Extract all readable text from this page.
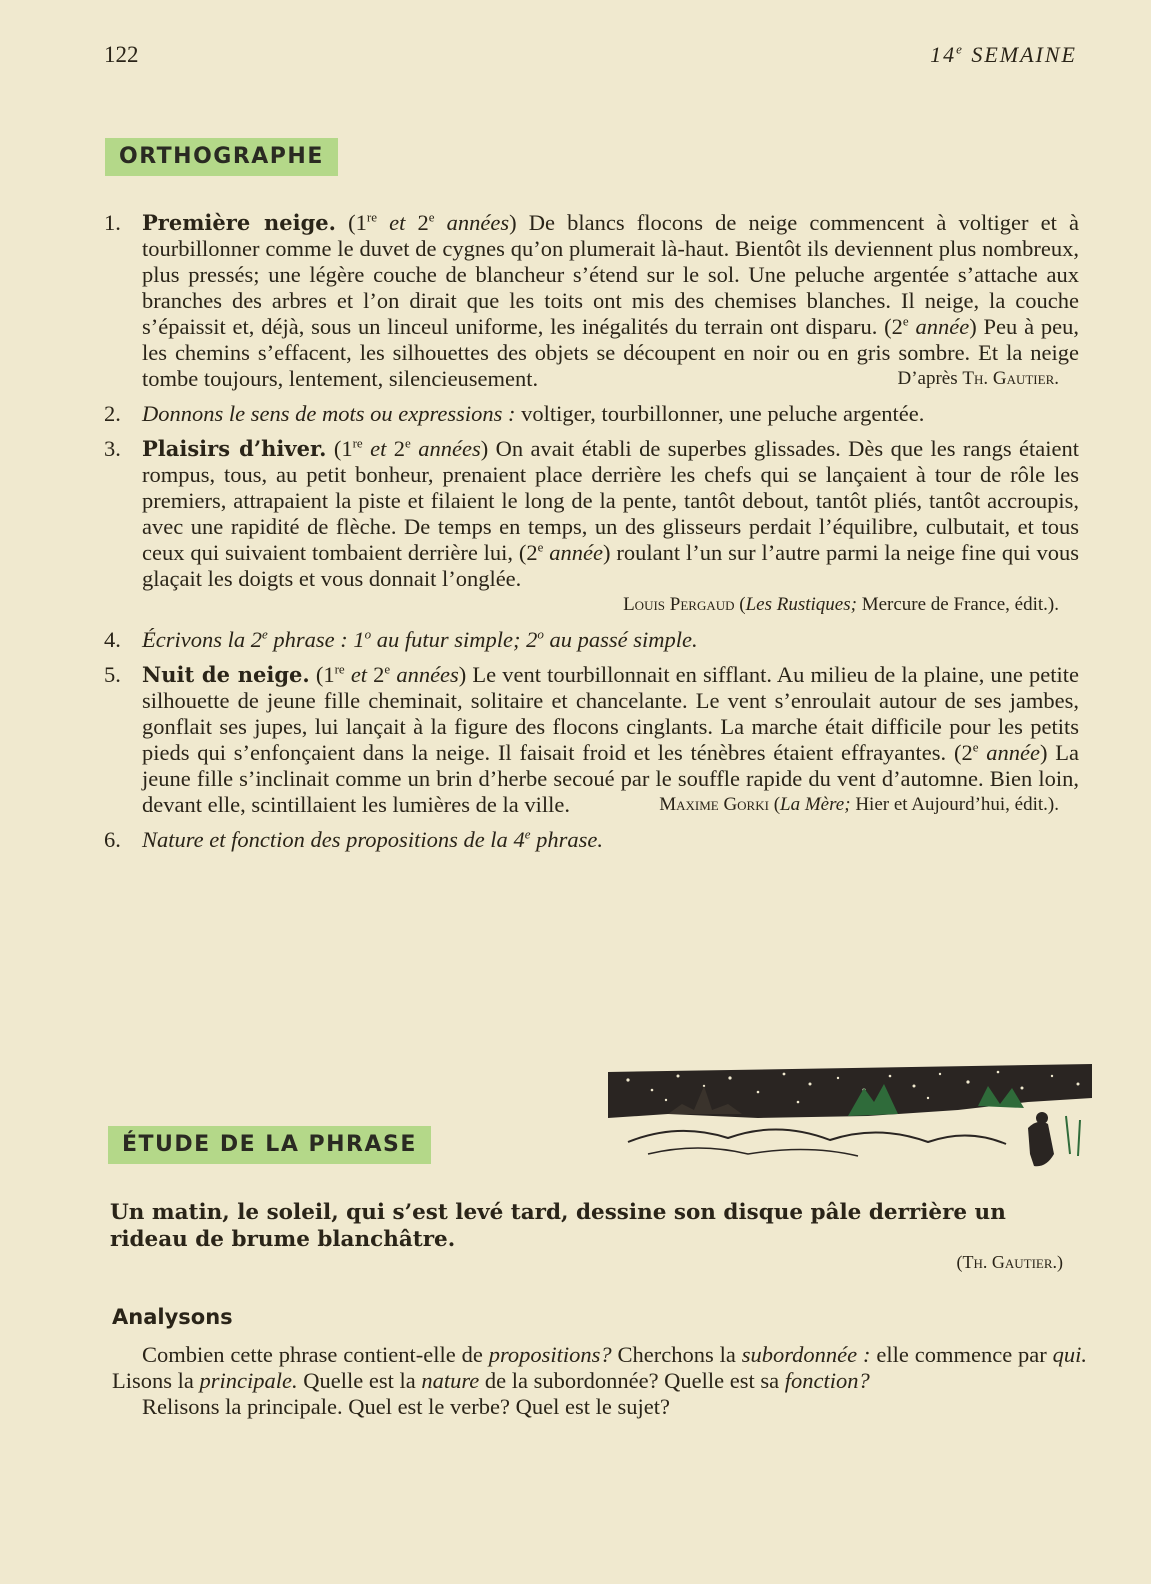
122	14e SEMAINE
ORTHOGRAPHE
1. Première neige. (1re et 2e années) De blancs flocons de neige commencent à voltiger et à tourbillonner comme le duvet de cygnes qu’on plumerait là-haut. Bientôt ils deviennent plus nombreux, plus pressés; une légère couche de blancheur s’étend sur le sol. Une peluche argentée s’attache aux branches des arbres et l’on dirait que les toits ont mis des chemises blanches. Il neige, la couche s’épaissit et, déjà, sous un linceul uniforme, les inégalités du terrain ont disparu. (2e année) Peu à peu, les chemins s’effacent, les silhouettes des objets se découpent en noir ou en gris sombre. Et la neige tombe toujours, lentement, silencieusement.	D’après Th. Gautier.
2. Donnons le sens de mots ou expressions : voltiger, tourbillonner, une peluche argentée.

3. Plaisirs d’hiver. (1re et 2e années) On avait établi de superbes glissades. Dès que les rangs étaient rompus, tous, au petit bonheur, prenaient place derrière les chefs qui se lançaient à tour de rôle les premiers, attrapaient la piste et filaient le long de la pente, tantôt debout, tantôt pliés, tantôt accroupis, avec une rapidité de flèche. De temps en temps, un des glisseurs perdait l’équilibre, culbutait, et tous ceux qui suivaient tombaient derrière lui, (2e année) roulant l’un sur l’autre parmi la neige fine qui vous glaçait les doigts et vous donnait l’onglée.

Louis Pergaud (Les Rustiques; Mercure de France, édit.).
4. Écrivons la 2e phrase : 1$^o$ au futur simple; 2$^o$ au passé simple.

5. Nuit de neige. (1re et 2e années) Le vent tourbillonnait en sifflant. Au milieu de la plaine, une petite silhouette de jeune fille cheminait, solitaire et chancelante. Le vent s’enroulait autour de ses jambes, gonflait ses jupes, lui lançait à la figure des flocons cinglants. La marche était difficile pour les petits pieds qui s’enfonçaient dans la neige. Il faisait froid et les ténèbres étaient effrayantes. (2e année) La jeune fille s’inclinait comme un brin d’herbe secoué par le souffle rapide du vent d’automne. Bien loin, devant elle, scintillaient les lumières de la ville.	Maxime Gorki (La Mère; Hier et Aujourd’hui, édit.).
6. Nature et fonction des propositions de la 4e phrase.

ÉTUDE DE LA PHRASE
Un matin, le soleil, qui s’est levé tard, dessine son disque pâle derrière un rideau de brume blanchâtre.
(Th. Gautier.)
Analysons

Combien cette phrase contient-elle de propositions? Cherchons la subordonnée : elle commence par qui. Lisons la principale. Quelle est la nature de la subordonnée? Quelle est sa fonction?

Relisons la principale. Quel est le verbe? Quel est le sujet?
